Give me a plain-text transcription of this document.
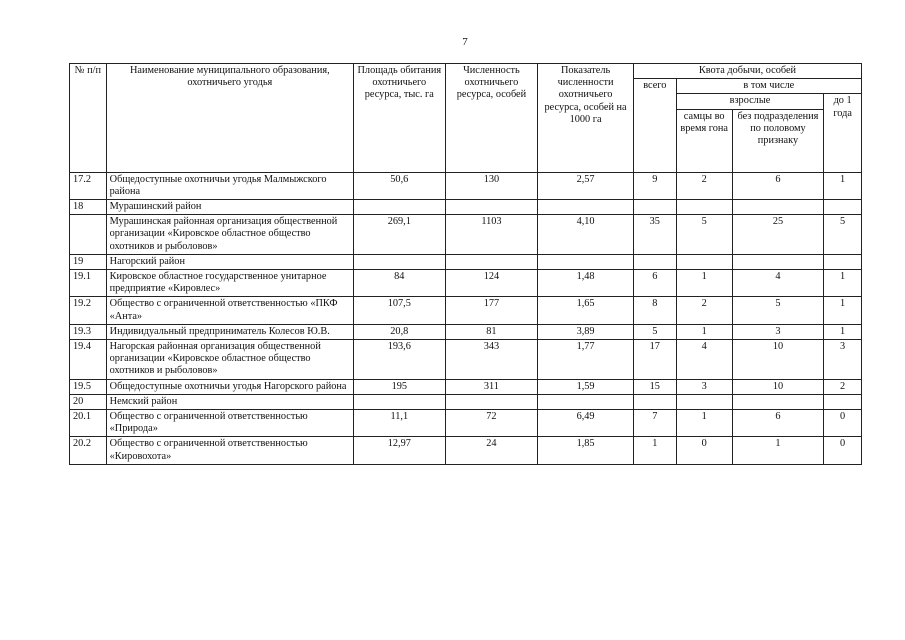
7
№ п/п	Наименование муниципального образования, охотничьего угодья	Площадь обитания охотничьего ресурса, тыс. га	Численность охотничьего ресурса, особей	Показатель численности охотничьего ресурса, особей на 1000 га	Квота добычи, особей			
					всего	в том числе		
						взрослые		до 1 года
						самцы во время гона	без подразделения по половому признаку	
17.2	Общедоступные охотничьи угодья Малмыжского района	50,6	130	2,57	9	2	6	1
18	Мурашинский район							
	Мурашинская районная организация общественной организации «Кировское областное общество охотников и рыболовов»	269,1	1103	4,10	35	5	25	5
19	Нагорский район							
19.1	Кировское областное государственное унитарное предприятие «Кировлес»	84	124	1,48	6	1	4	1
19.2	Общество с ограниченной ответственностью «ПКФ «Анта»	107,5	177	1,65	8	2	5	1
19.3	Индивидуальный предприниматель Колесов Ю.В.	20,8	81	3,89	5	1	3	1
19.4	Нагорская районная организация общественной организации «Кировское областное общество охотников и рыболовов»	193,6	343	1,77	17	4	10	3
19.5	Общедоступные охотничьи угодья Нагорского района	195	311	1,59	15	3	10	2
20	Немский район							
20.1	Общество с ограниченной ответственностью «Природа»	11,1	72	6,49	7	1	6	0
20.2	Общество с ограниченной ответственностью «Кировохота»	12,97	24	1,85	1	0	1	0
